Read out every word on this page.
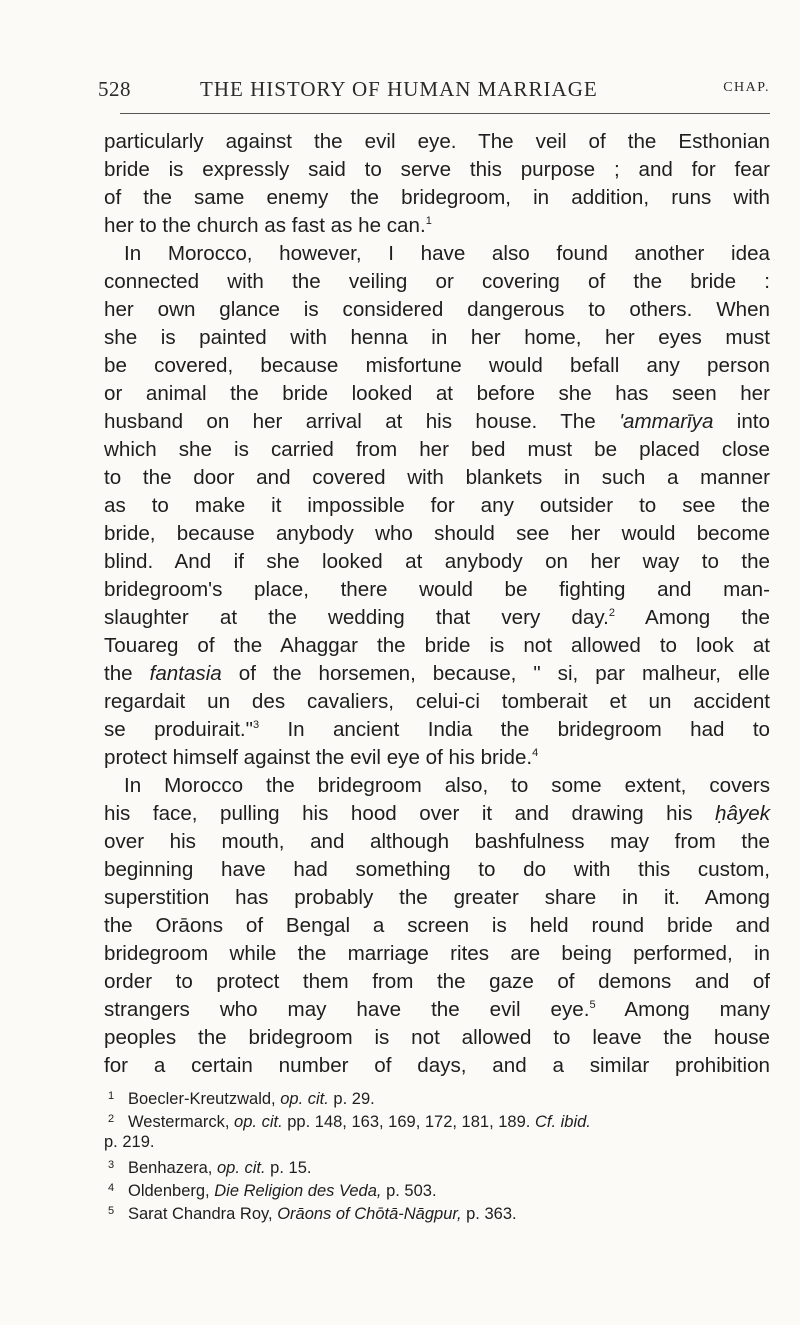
528	THE HISTORY OF HUMAN MARRIAGE	CHAP.
particularly against the evil eye. The veil of the Esthonian
bride is expressly said to serve this purpose ; and for fear
of the same enemy the bridegroom, in addition, runs with
her to the church as fast as he can.$^1$
In Morocco, however, I have also found another idea
connected with the veiling or covering of the bride :
her own glance is considered dangerous to others. When
she is painted with henna in her home, her eyes must
be covered, because misfortune would befall any person
or animal the bride looked at before she has seen her
husband on her arrival at his house. The 'ammarīya into
which she is carried from her bed must be placed close
to the door and covered with blankets in such a manner
as to make it impossible for any outsider to see the
bride, because anybody who should see her would become
blind. And if she looked at anybody on her way to the
bridegroom's place, there would be fighting and man-
slaughter at the wedding that very day.$^2$ Among the
Touareg of the Ahaggar the bride is not allowed to look at
the fantasia of the horsemen, because, " si, par malheur, elle
regardait un des cavaliers, celui-ci tomberait et un accident
se produirait."$^3$ In ancient India the bridegroom had to
protect himself against the evil eye of his bride.$^4$
In Morocco the bridegroom also, to some extent, covers
his face, pulling his hood over it and drawing his ḥâyek
over his mouth, and although bashfulness may from the
beginning have had something to do with this custom,
superstition has probably the greater share in it. Among
the Orāons of Bengal a screen is held round bride and
bridegroom while the marriage rites are being performed, in
order to protect them from the gaze of demons and of
strangers who may have the evil eye.$^5$ Among many
peoples the bridegroom is not allowed to leave the house
for a certain number of days, and a similar prohibition
1 Boecler-Kreutzwald, op. cit. p. 29.
2 Westermarck, op. cit. pp. 148, 163, 169, 172, 181, 189. Cf. ibid.
p. 219.
3 Benhazera, op. cit. p. 15.
4 Oldenberg, Die Religion des Veda, p. 503.
5 Sarat Chandra Roy, Orāons of Chōtā-Nāgpur, p. 363.
